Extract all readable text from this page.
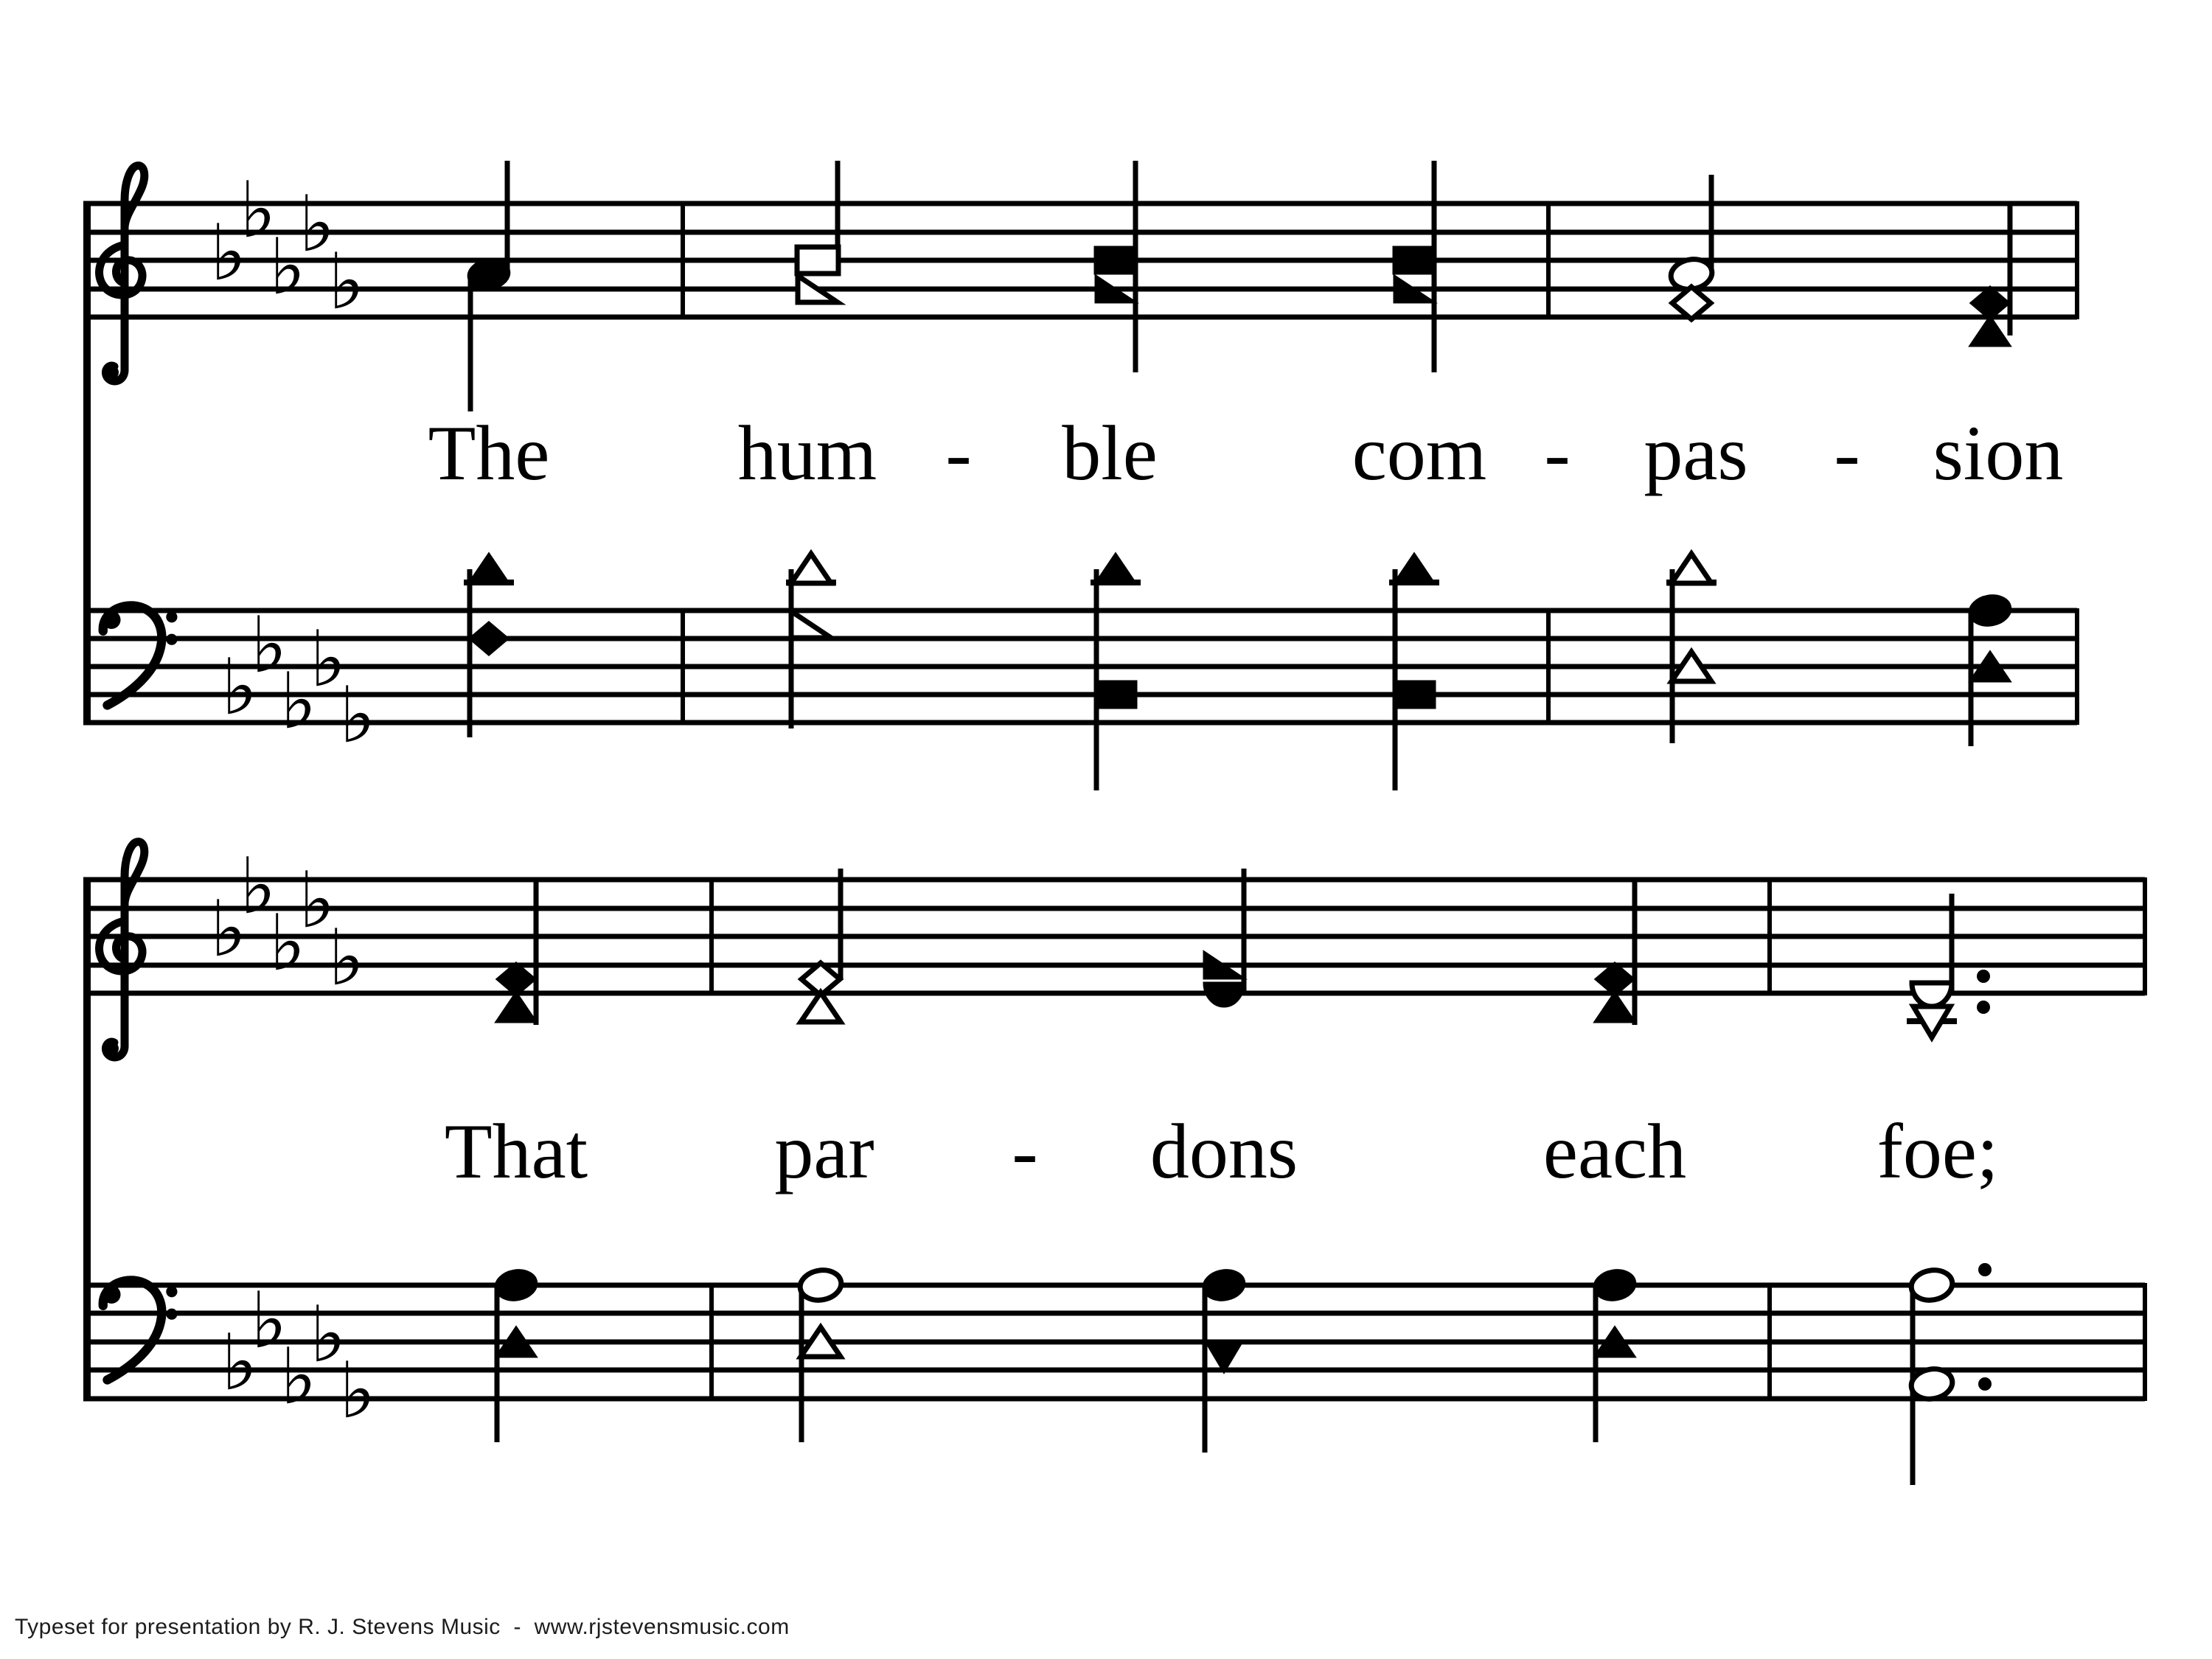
♭
♭
♭
♭
♭
♭
♭
♭
♭
♭
♭
♭
♭
♭
♭
♭
♭
♭
♭
♭
The hum - ble com - pas - sion
That par - dons	each foe;
Typeset for presentation by R. J. Stevens Music  -  www.rjstevensmusic.com
